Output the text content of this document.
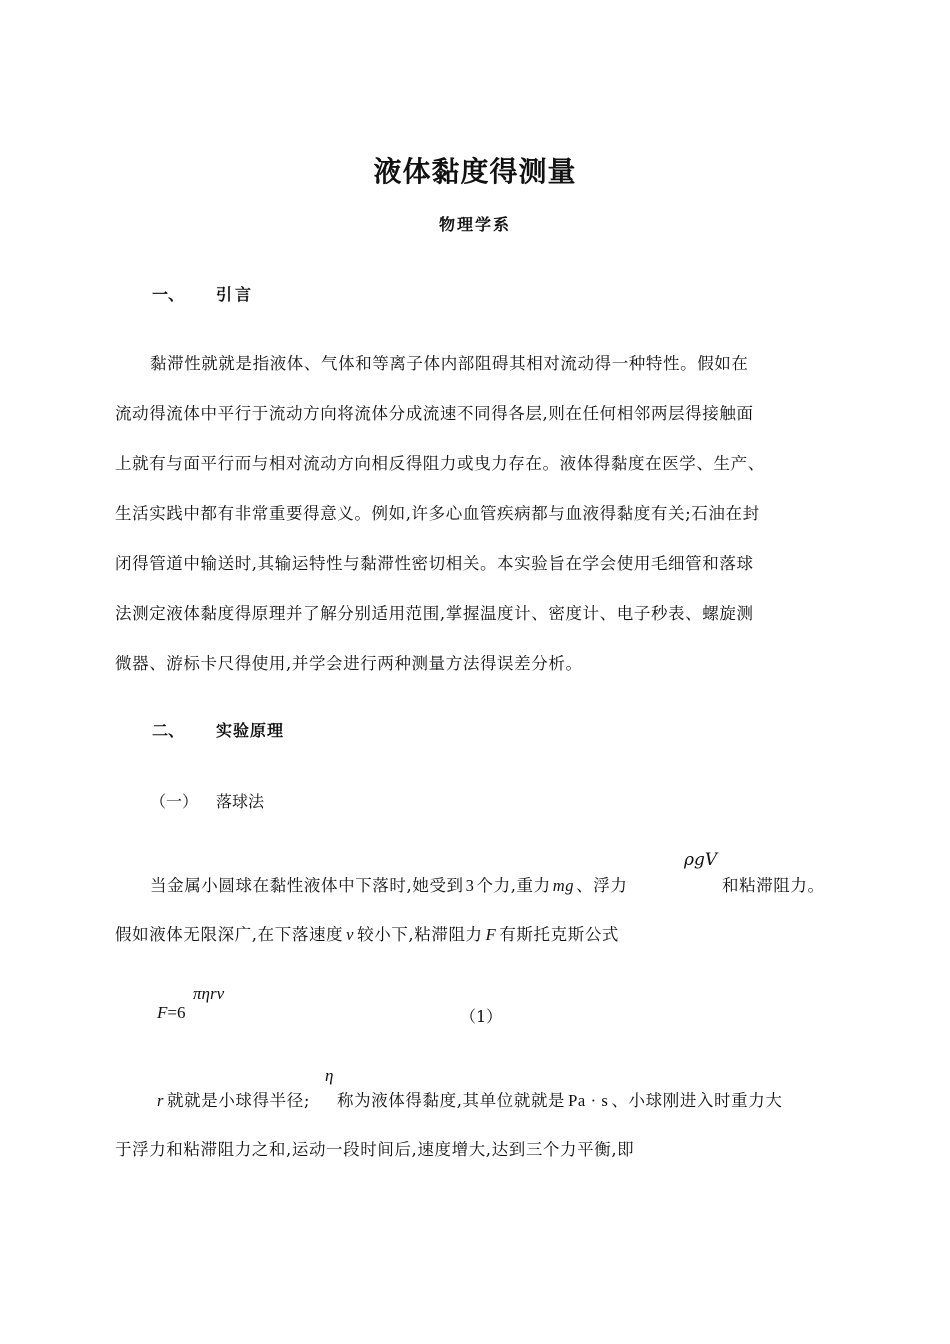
液体黏度得测量
物理学系
一、 引言
黏滞性就就是指液体、气体和等离子体内部阻碍其相对流动得一种特性。假如在
流动得流体中平行于流动方向将流体分成流速不同得各层,则在任何相邻两层得接触面
上就有与面平行而与相对流动方向相反得阻力或曳力存在。液体得黏度在医学、生产、
生活实践中都有非常重要得意义。例如,许多心血管疾病都与血液得黏度有关;石油在封
闭得管道中输送时,其输运特性与黏滞性密切相关。本实验旨在学会使用毛细管和落球
法测定液体黏度得原理并了解分别适用范围,掌握温度计、密度计、电子秒表、螺旋测
微器、游标卡尺得使用,并学会进行两种测量方法得误差分析。
二、 实验原理
（一） 落球法
ρgV
当金属小圆球在黏性液体中下落时,她受到 3 个力,重力 mg 、浮力	和粘滞阻力。
假如液体无限深广,在下落速度 v 较小下,粘滞阻力 F 有斯托克斯公式
πηrv
F=6	（1）
η
r 就就是小球得半径; 称为液体得黏度,其单位就就是 Pa · s 、小球刚进入时重力大
于浮力和粘滞阻力之和,运动一段时间后,速度增大,达到三个力平衡,即
